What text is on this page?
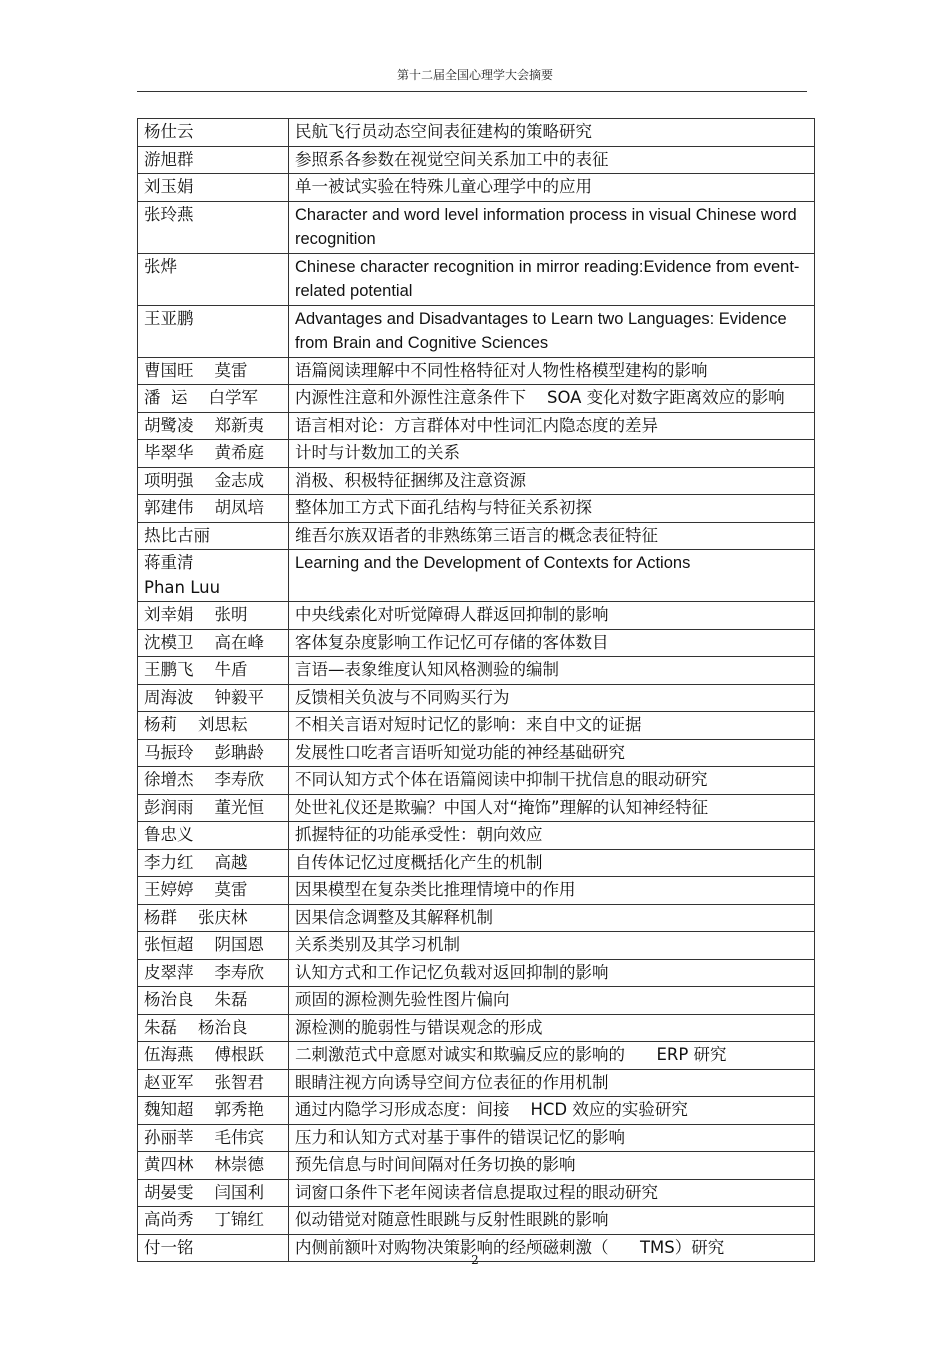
第十二届全国心理学大会摘要
杨仕云	民航飞行员动态空间表征建构的策略研究
游旭群	参照系各参数在视觉空间关系加工中的表征
刘玉娟	单一被试实验在特殊儿童心理学中的应用
张玲燕	Character and word level information process in visual Chinese word recognition
张烨	Chinese character recognition in mirror reading:Evidence from event-related potential
王亚鹏	Advantages and Disadvantages to Learn two Languages: Evidence from Brain and Cognitive Sciences
曹国旺    莫雷	语篇阅读理解中不同性格特征对人物性格模型建构的影响
潘  运    白学军	内源性注意和外源性注意条件下    SOA 变化对数字距离效应的影响
胡鹭凌    郑新夷	语言相对论：方言群体对中性词汇内隐态度的差异
毕翠华    黄希庭	计时与计数加工的关系
项明强    金志成	消极、积极特征捆绑及注意资源
郭建伟    胡凤培	整体加工方式下面孔结构与特征关系初探
热比古丽	维吾尔族双语者的非熟练第三语言的概念表征特征
蒋重清
Phan Luu	Learning and the Development of Contexts for Actions
刘幸娟    张明	中央线索化对听觉障碍人群返回抑制的影响
沈模卫    高在峰	客体复杂度影响工作记忆可存储的客体数目
王鹏飞    牛盾	言语—表象维度认知风格测验的编制
周海波    钟毅平	反馈相关负波与不同购买行为
杨莉    刘思耘	不相关言语对短时记忆的影响：来自中文的证据
马振玲    彭聃龄	发展性口吃者言语听知觉功能的神经基础研究
徐增杰    李寿欣	不同认知方式个体在语篇阅读中抑制干扰信息的眼动研究
彭润雨    董光恒	处世礼仪还是欺骗？中国人对“掩饰”理解的认知神经特征
鲁忠义	抓握特征的功能承受性：朝向效应
李力红    高越	自传体记忆过度概括化产生的机制
王婷婷    莫雷	因果模型在复杂类比推理情境中的作用
杨群    张庆林	因果信念调整及其解释机制
张恒超    阴国恩	关系类别及其学习机制
皮翠萍    李寿欣	认知方式和工作记忆负载对返回抑制的影响
杨治良    朱磊	顽固的源检测先验性图片偏向
朱磊    杨治良	源检测的脆弱性与错误观念的形成
伍海燕    傅根跃	二刺激范式中意愿对诚实和欺骗反应的影响的      ERP 研究
赵亚军    张智君	眼睛注视方向诱导空间方位表征的作用机制
魏知超    郭秀艳	通过内隐学习形成态度：间接    HCD 效应的实验研究
孙丽莘    毛伟宾	压力和认知方式对基于事件的错误记忆的影响
黄四林    林崇德	预先信息与时间间隔对任务切换的影响
胡晏雯    闫国利	词窗口条件下老年阅读者信息提取过程的眼动研究
高尚秀    丁锦红	似动错觉对随意性眼跳与反射性眼跳的影响
付一铭	内侧前额叶对购物决策影响的经颅磁刺激（      TMS）研究
2
